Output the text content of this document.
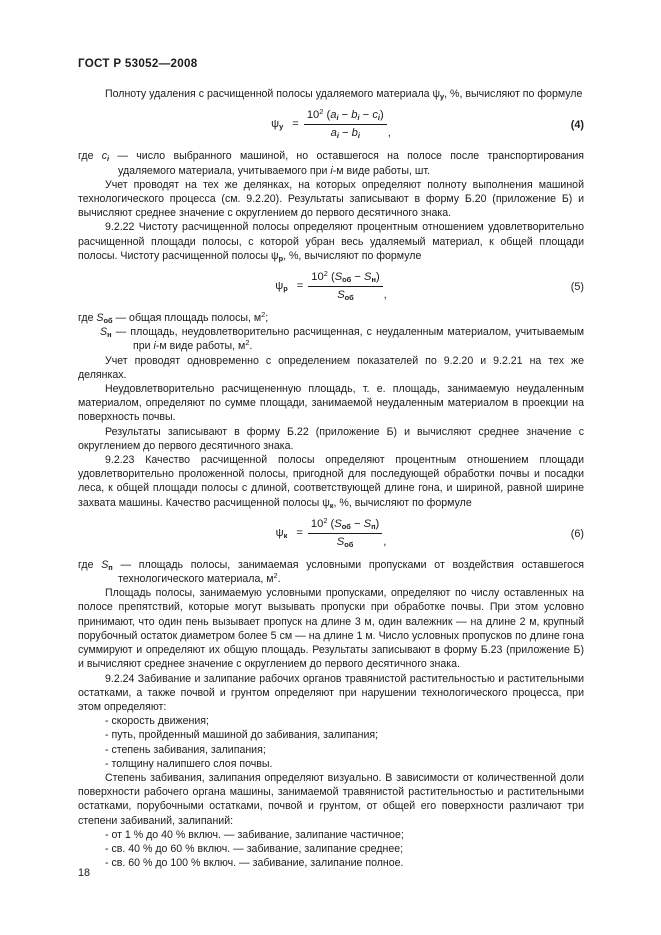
ГОСТ Р 53052—2008

Полноту удаления с расчищенной полосы удаляемого материала $\psi_у$, %, вычисляют по формуле

$\psi_у = \frac{10^2 (a_i - b_i - c_i)}{a_i - b_i}$ ,
(4)

где $c_i$ — число выбранного машиной, но оставшегося на полосе после транспортирования удаляемого материала, учитываемого при i-м виде работы, шт.

Учет проводят на тех же делянках, на которых определяют полноту выполнения машиной технологического процесса (см. 9.2.20). Результаты записывают в форму Б.20 (приложение Б) и вычисляют среднее значение с округлением до первого десятичного знака.

9.2.22 Чистоту расчищенной полосы определяют процентным отношением удовлетворительно расчищенной площади полосы, с которой убран весь удаляемый материал, к общей площади полосы. Чистоту расчищенной полосы $\psi_р$, %, вычисляют по формуле

$\psi_р = \frac{10^2 (S_{об} - S_н)}{S_{об}}$ ,
(5)

где $S_{об}$ — общая площадь полосы, $м^2$;

$S_н$ — площадь, неудовлетворительно расчищенная, с неудаленным материалом, учитываемым при i-м виде работы, $м^2$.

Учет проводят одновременно с определением показателей по 9.2.20 и 9.2.21 на тех же делянках.

Неудовлетворительно расчищененную площадь, т. е. площадь, занимаемую неудаленным материалом, определяют по сумме площади, занимаемой неудаленным материалом в проекции на поверхность почвы.

Результаты записывают в форму Б.22 (приложение Б) и вычисляют среднее значение с округлением до первого десятичного знака.

9.2.23 Качество расчищенной полосы определяют процентным отношением площади удовлетворительно проложенной полосы, пригодной для последующей обработки почвы и посадки леса, к общей площади полосы с длиной, соответствующей длине гона, и шириной, равной ширине захвата машины. Качество расчищенной полосы $\psi_к$, %, вычисляют по формуле

$\psi_к = \frac{10^2 (S_{об} - S_п)}{S_{об}}$ ,
(6)

где $S_п$ — площадь полосы, занимаемая условными пропусками от воздействия оставшегося технологического материала, $м^2$.

Площадь полосы, занимаемую условными пропусками, определяют по числу оставленных на полосе препятствий, которые могут вызывать пропуски при обработке почвы. При этом условно принимают, что один пень вызывает пропуск на длине 3 м, один валежник — на длине 2 м, крупный порубочный остаток диаметром более 5 см — на длине 1 м. Число условных пропусков по длине гона суммируют и определяют их общую площадь. Результаты записывают в форму Б.23 (приложение Б) и вычисляют среднее значение с округлением до первого десятичного знака.

9.2.24 Забивание и залипание рабочих органов травянистой растительностью и растительными остатками, а также почвой и грунтом определяют при нарушении технологического процесса, при этом определяют:

- скорость движения;

- путь, пройденный машиной до забивания, залипания;

- степень забивания, залипания;

- толщину налипшего слоя почвы.

Степень забивания, залипания определяют визуально. В зависимости от количественной доли поверхности рабочего органа машины, занимаемой травянистой растительностью и растительными остатками, порубочными остатками, почвой и грунтом, от общей его поверхности различают три степени забиваний, залипаний:

- от 1 % до 40 % включ. — забивание, залипание частичное;

- св. 40 % до 60 % включ. — забивание, залипание среднее;

- св. 60 % до 100 % включ. — забивание, залипание полное.

18
